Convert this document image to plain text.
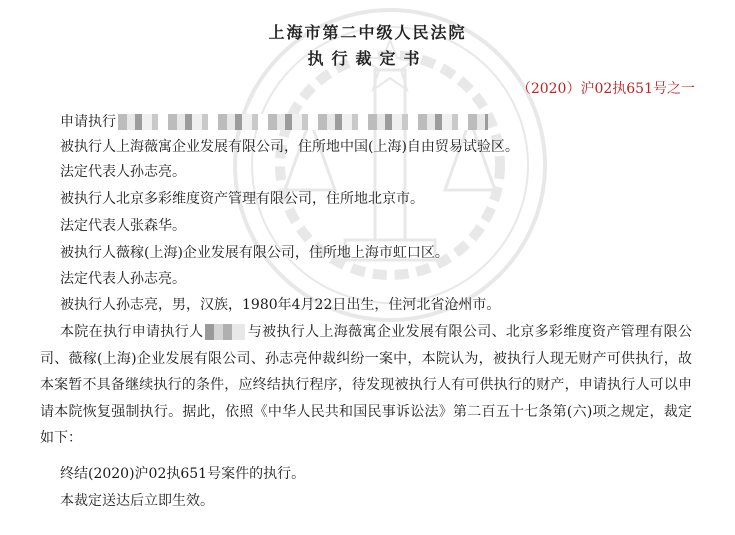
上海市第二中级人民法院
执行裁定书
（2020）沪02执651号之一
申请执行
被执行人上海薇寓企业发展有限公司，住所地中国(上海)自由贸易试验区。
法定代表人孙志亮。
被执行人北京多彩维度资产管理有限公司，住所地北京市。
法定代表人张森华。
被执行人薇稼(上海)企业发展有限公司，住所地上海市虹口区。
法定代表人孙志亮。
被执行人孙志亮，男，汉族，1980年4月22日出生，住河北省沧州市。
本院在执行申请执行人	与被执行人上海薇寓企业发展有限公司、北京多彩维度资产管理有限公司、薇稼(上海)企业发展有限公司、孙志亮仲裁纠纷一案中，本院认为，被执行人现无财产可供执行，故本案暂不具备继续执行的条件，应终结执行程序，待发现被执行人有可供执行的财产，申请执行人可以申请本院恢复强制执行。据此，依照《中华人民共和国民事诉讼法》第二百五十七条第(六)项之规定，裁定如下：
终结(2020)沪02执651号案件的执行。
本裁定送达后立即生效。
